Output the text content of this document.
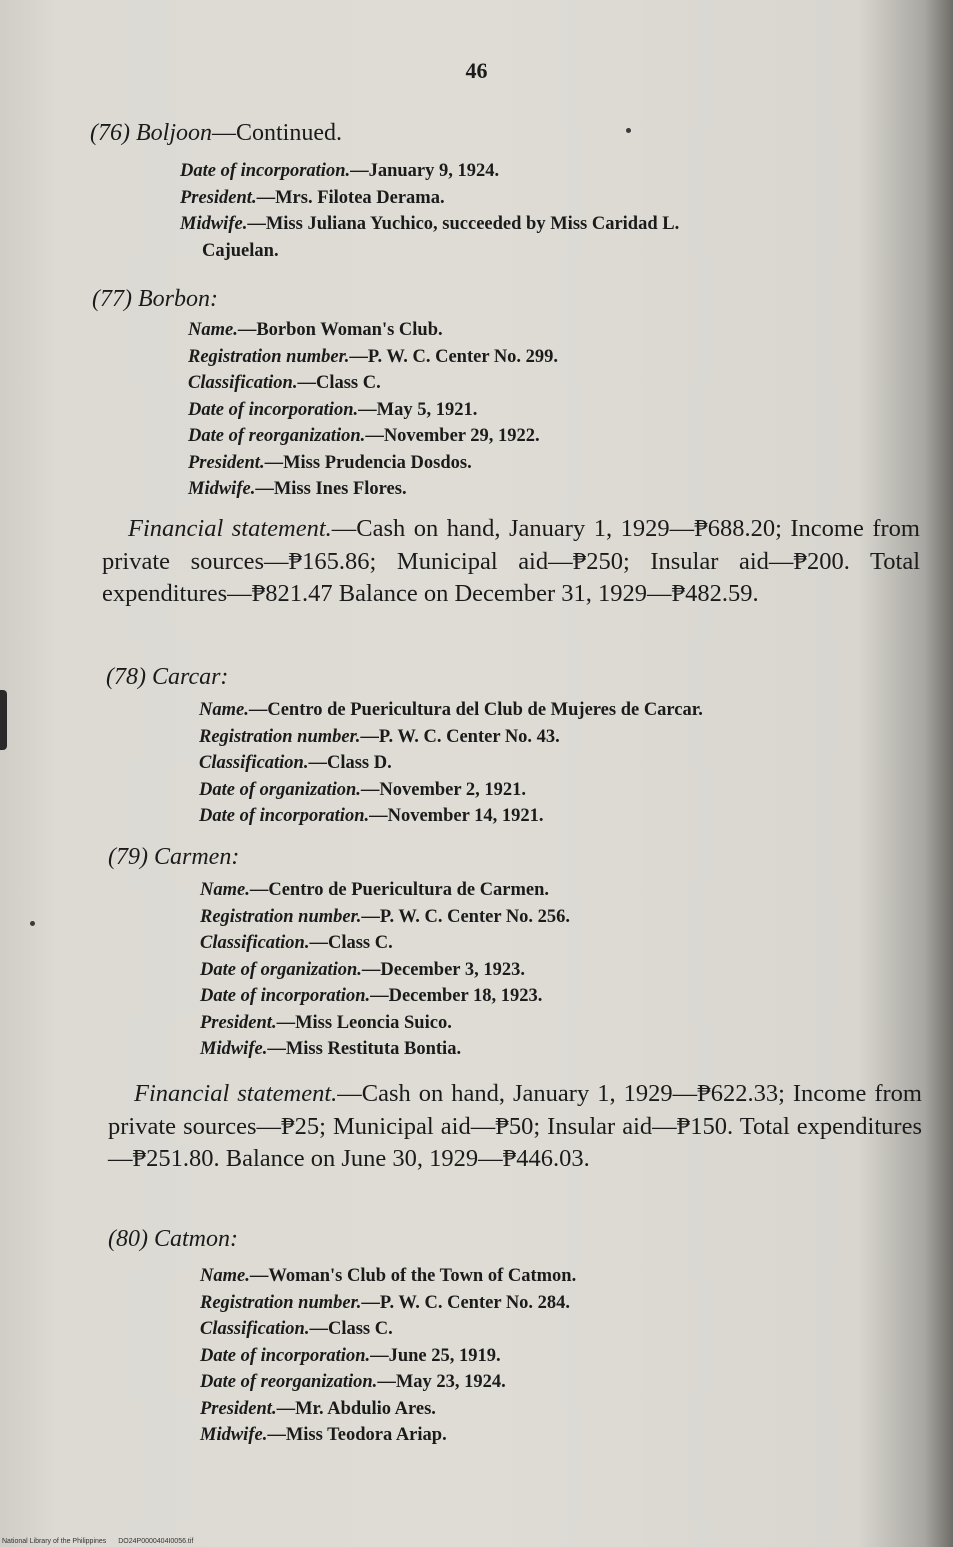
46
(76) Boljoon—Continued.
Date of incorporation.—January 9, 1924.
President.—Mrs. Filotea Derama.
Midwife.—Miss Juliana Yuchico, succeeded by Miss Caridad L.
Cajuelan.
(77) Borbon:
Name.—Borbon Woman's Club.
Registration number.—P. W. C. Center No. 299.
Classification.—Class C.
Date of incorporation.—May 5, 1921.
Date of reorganization.—November 29, 1922.
President.—Miss Prudencia Dosdos.
Midwife.—Miss Ines Flores.
Financial statement.—Cash on hand, January 1, 1929—₱688.20; Income from private sources—₱165.86; Municipal aid—₱250; Insular aid—₱200. Total expenditures—₱821.47 Balance on December 31, 1929—₱482.59.
(78) Carcar:
Name.—Centro de Puericultura del Club de Mujeres de Carcar.
Registration number.—P. W. C. Center No. 43.
Classification.—Class D.
Date of organization.—November 2, 1921.
Date of incorporation.—November 14, 1921.
(79) Carmen:
Name.—Centro de Puericultura de Carmen.
Registration number.—P. W. C. Center No. 256.
Classification.—Class C.
Date of organization.—December 3, 1923.
Date of incorporation.—December 18, 1923.
President.—Miss Leoncia Suico.
Midwife.—Miss Restituta Bontia.
Financial statement.—Cash on hand, January 1, 1929—₱622.33; Income from private sources—₱25; Municipal aid—₱50; Insular aid—₱150. Total expenditures—₱251.80. Balance on June 30, 1929—₱446.03.
(80) Catmon:
Name.—Woman's Club of the Town of Catmon.
Registration number.—P. W. C. Center No. 284.
Classification.—Class C.
Date of incorporation.—June 25, 1919.
Date of reorganization.—May 23, 1924.
President.—Mr. Abdulio Ares.
Midwife.—Miss Teodora Ariap.
National Library of the Philippines DO24P0000404I0056.tif
